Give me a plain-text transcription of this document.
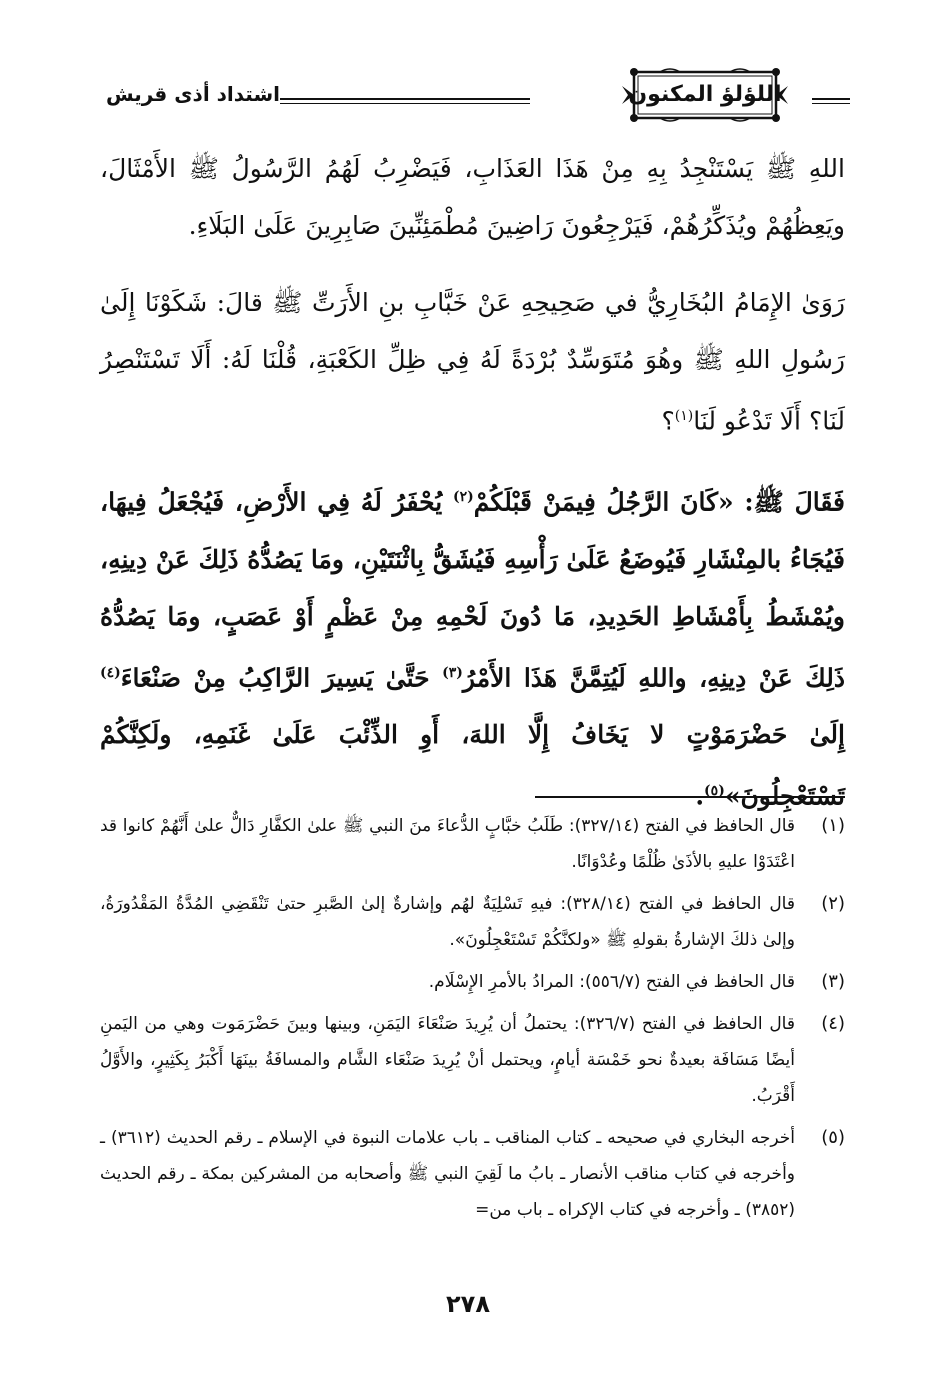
اشتداد أذى قريش	اللؤلؤ المكنون

اللهِ ﷺ يَسْتَنْجِدُ بِهِ مِنْ هَذَا العَذَابِ، فَيَضْرِبُ لَهُمُ الرَّسُولُ ﷺ الأَمْثَالَ، ويَعِظُهُمْ ويُذَكِّرُهُمْ، فَيَرْجِعُونَ رَاضِينَ مُطْمَئِنِّينَ صَابِرِينَ عَلَىٰ البَلَاءِ.

رَوَىٰ الإِمَامُ البُخَارِيُّ في صَحِيحِهِ عَنْ خَبَّابِ بنِ الأَرَتِّ ﷺ قالَ: شَكَوْنَا إِلَىٰ رَسُولِ اللهِ ﷺ وهُوَ مُتَوَسِّدٌ بُرْدَةً لَهُ فِي ظِلِّ الكَعْبَةِ، قُلْنَا لَهُ: أَلَا تَسْتَنْصِرُ لَنَا؟ أَلَا تَدْعُو لَنَا$^{(١)}$؟

فَقَالَ ﷺ: «كَانَ الرَّجُلُ فِيمَنْ قَبْلَكُمْ$^{(٢)}$ يُحْفَرُ لَهُ فِي الأَرْضِ، فَيُجْعَلُ فِيهَا، فَيُجَاءُ بالمِنْشَارِ فَيُوضَعُ عَلَىٰ رَأْسِهِ فَيُشَقُّ بِاثْنَتَيْنِ، ومَا يَصُدُّهُ ذَلِكَ عَنْ دِينِهِ، ويُمْشَطُ بِأَمْشَاطِ الحَدِيدِ، مَا دُونَ لَحْمِهِ مِنْ عَظْمٍ أَوْ عَصَبٍ، ومَا يَصُدُّهُ ذَلِكَ عَنْ دِينِهِ، واللهِ لَيُتِمَّنَّ هَذَا الأَمْرُ$^{(٣)}$ حَتَّىٰ يَسِيرَ الرَّاكِبُ مِنْ صَنْعَاءَ$^{(٤)}$ إِلَىٰ حَضْرَمَوْتٍ لا يَخَافُ إِلَّا اللهَ، أَوِ الذِّئْبَ عَلَىٰ غَنَمِهِ، ولَكِنَّكُمْ تَسْتَعْجِلُونَ»$^{(٥)}$.

(١)
قال الحافظ في الفتح (٣٢٧/١٤): طَلَبُ خبَّابٍ الدُّعاءَ منَ النبي ﷺ علىٰ الكفَّارِ دَالٌّ علىٰ أَنَّهُمْ كانوا قد اعْتَدَوْا عليهِ بالأذَىٰ ظُلْمًا وعُدْوَانًا.
(٢)
قال الحافظ في الفتح (٣٢٨/١٤): فيهِ تَسْلِيَةٌ لهُم وإشارةٌ إلىٰ الصَّبرِ حتىٰ تَنْقَضِي المُدَّةُ المَقْدُورَةُ، وإلىٰ ذلكَ الإشارةُ بقولهِ ﷺ «ولكنَّكُمْ تَسْتَعْجِلُونَ».
(٣)
قال الحافظ في الفتح (٥٥٦/٧): المرادُ بالأمرِ الإِسْلَام.
(٤)
قال الحافظ في الفتح (٣٢٦/٧): يحتملُ أن يُرِيدَ صَنْعَاءَ اليَمَنِ، وبينها وبينَ حَضْرَمَوت وهي من اليَمنِ أيضًا مَسَافَة بعيدةٌ نحو خَمْسَة أيامٍ، ويحتمل أنْ يُرِيدَ صَنْعَاء الشَّام والمسافَةُ بينَهَا أَكْبَرُ بِكَثِيرٍ، والأَوَّلُ أَقْرَبُ.
(٥)
أخرجه البخاري في صحيحه ـ كتاب المناقب ـ باب علامات النبوة في الإسلام ـ رقم الحديث (٣٦١٢) ـ وأخرجه في كتاب مناقب الأنصار ـ بابُ ما لَقِيَ النبي ﷺ وأصحابه من المشركين بمكة ـ رقم الحديث (٣٨٥٢) ـ وأخرجه في كتاب الإكراه ـ باب من=
٢٧٨
